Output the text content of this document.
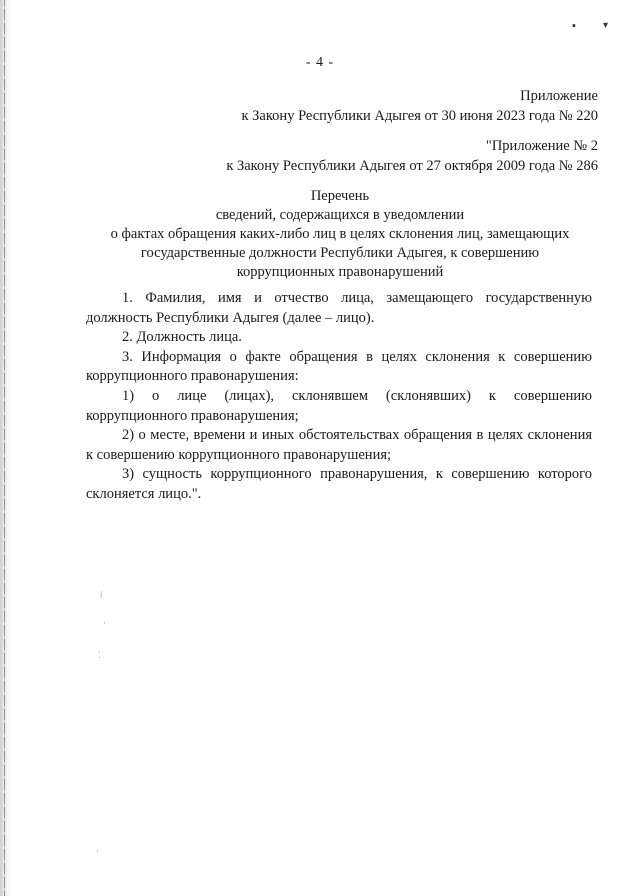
▪	▾
- 4 -
Приложение
к Закону Республики Адыгея от 30 июня 2023 года № 220
"Приложение № 2
к Закону Республики Адыгея от 27 октября 2009 года № 286
Перечень
сведений, содержащихся в уведомлении
о фактах обращения каких-либо лиц в целях склонения лиц, замещающих
государственные должности Республики Адыгея, к совершению
коррупционных правонарушений

1. Фамилия, имя и отчество лица, замещающего государственную должность Республики Адыгея (далее – лицо).

2. Должность лица.

3. Информация о факте обращения в целях склонения к совершению коррупционного правонарушения:

1) о лице (лицах), склонявшем (склонявших) к совершению коррупционного правонарушения;

2) о месте, времени и иных обстоятельствах обращения в целях склонения к совершению коррупционного правонарушения;

3) сущность коррупционного правонарушения, к совершению которого склоняется лицо.".

⁞
·
⁚
·
